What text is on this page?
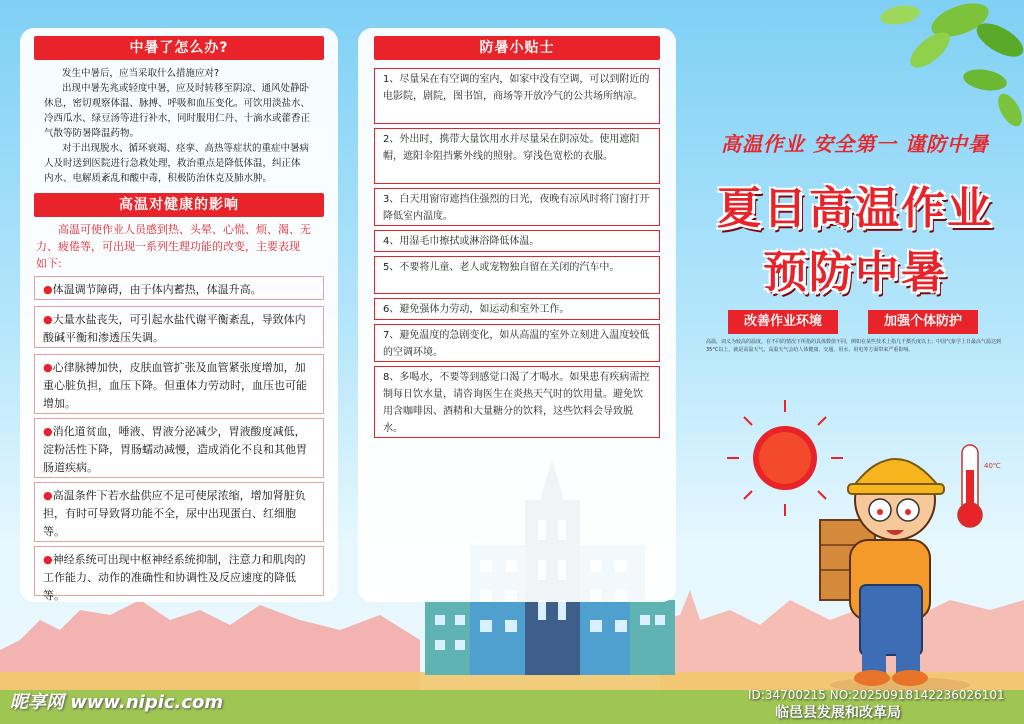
中暑了怎么办?
发生中暑后，应当采取什么措施应对?
出现中暑先兆或轻度中暑，应及时转移至阴凉、通风处静卧
休息，密切观察体温、脉搏、呼吸和血压变化。可饮用淡盐水、
冷西瓜水、绿豆汤等进行补水，同时服用仁丹、十滴水或藿香正
气散等防暑降温药物。
对于出现脱水、循环衰竭、痉挛、高热等症状的重症中暑病
人及时送到医院进行急救处理，救治重点是降低体温，纠正体
内水、电解质紊乱和酸中毒，积极防治休克及肺水肿。
高温对健康的影响
高温可使作业人员感到热、头晕、心慌、烦、渴、无
力、疲倦等，可出现一系列生理功能的改变，主要表现
如下:
●体温调节障碍，由于体内蓄热，体温升高。
●大量水盐丧失，可引起水盐代谢平衡紊乱，导致体内酸碱平衡和渗透压失调。
●心律脉搏加快，皮肤血管扩张及血管紧张度增加，加重心脏负担，血压下降。但重体力劳动时，血压也可能增加。
●消化道贫血，唾液、胃液分泌减少，胃液酸度减低，淀粉活性下降，胃肠蠕动减慢，造成消化不良和其他胃肠道疾病。
●高温条件下若水盐供应不足可使尿浓缩，增加肾脏负担，有时可导致肾功能不全，尿中出现蛋白、红细胞等。
●神经系统可出现中枢神经系统抑制，注意力和肌肉的工作能力、动作的准确性和协调性及反应速度的降低等。
防暑小贴士
1、尽量呆在有空调的室内，如家中没有空调，可以到附近的电影院，剧院，图书馆，商场等开放冷气的公共场所纳凉。
2、外出时，携带大量饮用水并尽量呆在阴凉处。使用遮阳帽，遮阳伞阻挡紫外线的照射。穿浅色宽松的衣服。
3、白天用窗帘遮挡住强烈的日光，夜晚有凉风时将门窗打开降低室内温度。
4、用湿毛巾擦拭或淋浴降低体温。
5、不要将儿童、老人或宠物独自留在关闭的汽车中。
6、避免强体力劳动，如运动和室外工作。
7、避免温度的急剧变化，如从高温的室外立刻进入温度较低的空调环境。
8、多喝水，不要等到感觉口渴了才喝水。如果患有疾病需控制每日饮水量，请咨询医生在炎热天气时的饮用量。避免饮用含咖啡因、酒精和大量糖分的饮料，这些饮料会导致脱水。
高温作业 安全第一 谨防中暑
夏日高温作业
预防中暑
改善作业环境	加强个体防护
高温，词义为较高的温度。在不同的情况下所指的具体数值不同，例如在某些技术上指几千摄氏度以上；中国气象学上日最高气温达到35°C以上，就是高温天气。高温天气会给人体健康、交通、用水、用电等方面带来严重影响。
40℃
昵享网 www.nipic.com	ID:34700215 NO:20250918142236026101
临邑县发展和改革局
